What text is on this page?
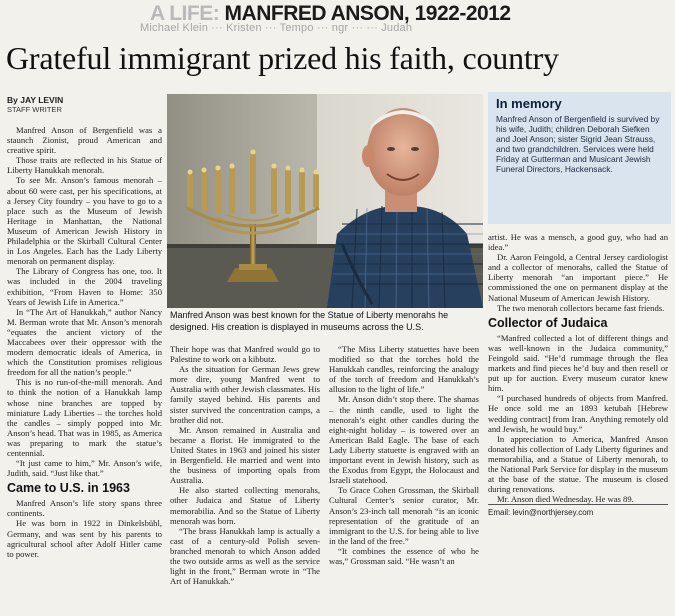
A LIFE: MANFRED ANSON, 1922-2012
Michael Klein ··· Kristen ··· Tempo ··· ngr ··· ··· Judah
Grateful immigrant prized his faith, country
By JAY LEVIN
STAFF WRITER

Manfred Anson of Bergenfield was a staunch Zionist, proud American and creative spirit.

Those traits are reflected in his Statue of Liberty Hanukkah menorah.

To see Mr. Anson’s famous menorah – about 60 were cast, per his specifications, at a Jersey City foundry – you have to go to a place such as the Museum of Jewish Heritage in Manhattan, the National Museum of American Jewish History in Philadelphia or the Skirball Cultural Center in Los Angeles. Each has the Lady Liberty menorah on permanent display.

The Library of Congress has one, too. It was included in the 2004 traveling exhibition, “From Haven to Home: 350 Years of Jewish Life in America.”

In “The Art of Hanukkah,” author Nancy M. Berman wrote that Mr. Anson’s menorah “equates the ancient victory of the Maccabees over their oppressor with the modern democratic ideals of America, in which the Constitution promises religious freedom for all the nation’s people.”

This is no run-of-the-mill menorah. And to think the notion of a Hanukkah lamp whose nine branches are topped by miniature Lady Liberties – the torches hold the candles – simply popped into Mr. Anson’s head. That was in 1985, as America was preparing to mark the statue’s centennial.

“It just came to him,” Mr. Anson’s wife, Judith, said. “Just like that.”

Came to U.S. in 1963

Manfred Anson’s life story spans three continents.

He was born in 1922 in Dinkelsbühl, Germany, and was sent by his parents to agricultural school after Adolf Hitler came to power.

Manfred Anson was best known for the Statue of Liberty menorahs he designed. His creation is displayed in museums across the U.S.
In memory
Manfred Anson of Bergenfield is survived by his wife, Judith; children Deborah Siefken and Joel Anson; sister Sigrid Jean Strauss, and two grandchildren. Services were held Friday at Gutterman and Musicant Jewish Funeral Directors, Hackensack.

Their hope was that Manfred would go to Palestine to work on a kibbutz.

As the situation for German Jews grew more dire, young Manfred went to Australia with other Jewish classmates. His family stayed behind. His parents and sister survived the concentration camps, a brother did not.

Mr. Anson remained in Australia and became a florist. He immigrated to the United States in 1963 and joined his sister in Bergenfield. He married and went into the business of importing opals from Australia.

He also started collecting menorahs, other Judaica and Statue of Liberty memorabilia. And so the Statue of Liberty menorah was born.

“The brass Hanukkah lamp is actually a cast of a century-old Polish seven-branched menorah to which Anson added the two outside arms as well as the service light in the front,” Berman wrote in “The Art of Hanukkah.”

“The Miss Liberty statuettes have been modified so that the torches hold the Hanukkah candles, reinforcing the analogy of the torch of freedom and Hanukkah’s allusion to the light of life.”

Mr. Anson didn’t stop there. The shamas – the ninth candle, used to light the menorah’s eight other candles during the eight-night holiday – is towered over an American Bald Eagle. The base of each Lady Liberty statuette is engraved with an important event in Jewish history, such as the Exodus from Egypt, the Holocaust and Israeli statehood.

To Grace Cohen Grossman, the Skirball Cultural Center’s senior curator, Mr. Anson’s 23-inch tall menorah “is an iconic representation of the gratitude of an immigrant to the U.S. for being able to live in the land of the free.”

“It combines the essence of who he was,” Grossman said. “He wasn’t an

artist. He was a mensch, a good guy, who had an idea.”

Dr. Aaron Feingold, a Central Jersey cardiologist and a collector of menorahs, called the Statue of Liberty menorah “an important piece.” He commissioned the one on permanent display at the National Museum of American Jewish History.

The two menorah collectors became fast friends.

Collector of Judaica

“Manfred collected a lot of different things and was well-known in the Judaica community,” Feingold said. “He’d rummage through the flea markets and find pieces he’d buy and then resell or put up for auction. Every museum curator knew him.

“I purchased hundreds of objects from Manfred. He once sold me an 1893 ketubah [Hebrew wedding contract] from Iran. Anything remotely old and Jewish, he would buy.”

In appreciation to America, Manfred Anson donated his collection of Lady Liberty figurines and memorabilia, and a Statue of Liberty menorah, to the National Park Service for display in the museum at the base of the statue. The museum is closed during renovations.

Mr. Anson died Wednesday. He was 89.

Email: levin@northjersey.com
